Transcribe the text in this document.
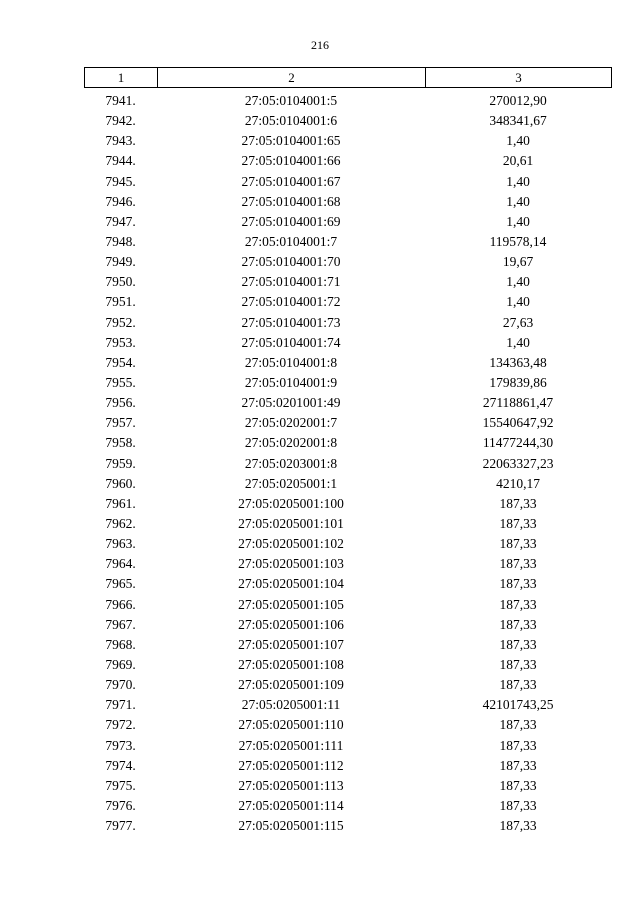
216
1	2	3
7941.	27:05:0104001:5	270012,90
7942.	27:05:0104001:6	348341,67
7943.	27:05:0104001:65	1,40
7944.	27:05:0104001:66	20,61
7945.	27:05:0104001:67	1,40
7946.	27:05:0104001:68	1,40
7947.	27:05:0104001:69	1,40
7948.	27:05:0104001:7	119578,14
7949.	27:05:0104001:70	19,67
7950.	27:05:0104001:71	1,40
7951.	27:05:0104001:72	1,40
7952.	27:05:0104001:73	27,63
7953.	27:05:0104001:74	1,40
7954.	27:05:0104001:8	134363,48
7955.	27:05:0104001:9	179839,86
7956.	27:05:0201001:49	27118861,47
7957.	27:05:0202001:7	15540647,92
7958.	27:05:0202001:8	11477244,30
7959.	27:05:0203001:8	22063327,23
7960.	27:05:0205001:1	4210,17
7961.	27:05:0205001:100	187,33
7962.	27:05:0205001:101	187,33
7963.	27:05:0205001:102	187,33
7964.	27:05:0205001:103	187,33
7965.	27:05:0205001:104	187,33
7966.	27:05:0205001:105	187,33
7967.	27:05:0205001:106	187,33
7968.	27:05:0205001:107	187,33
7969.	27:05:0205001:108	187,33
7970.	27:05:0205001:109	187,33
7971.	27:05:0205001:11	42101743,25
7972.	27:05:0205001:110	187,33
7973.	27:05:0205001:111	187,33
7974.	27:05:0205001:112	187,33
7975.	27:05:0205001:113	187,33
7976.	27:05:0205001:114	187,33
7977.	27:05:0205001:115	187,33
